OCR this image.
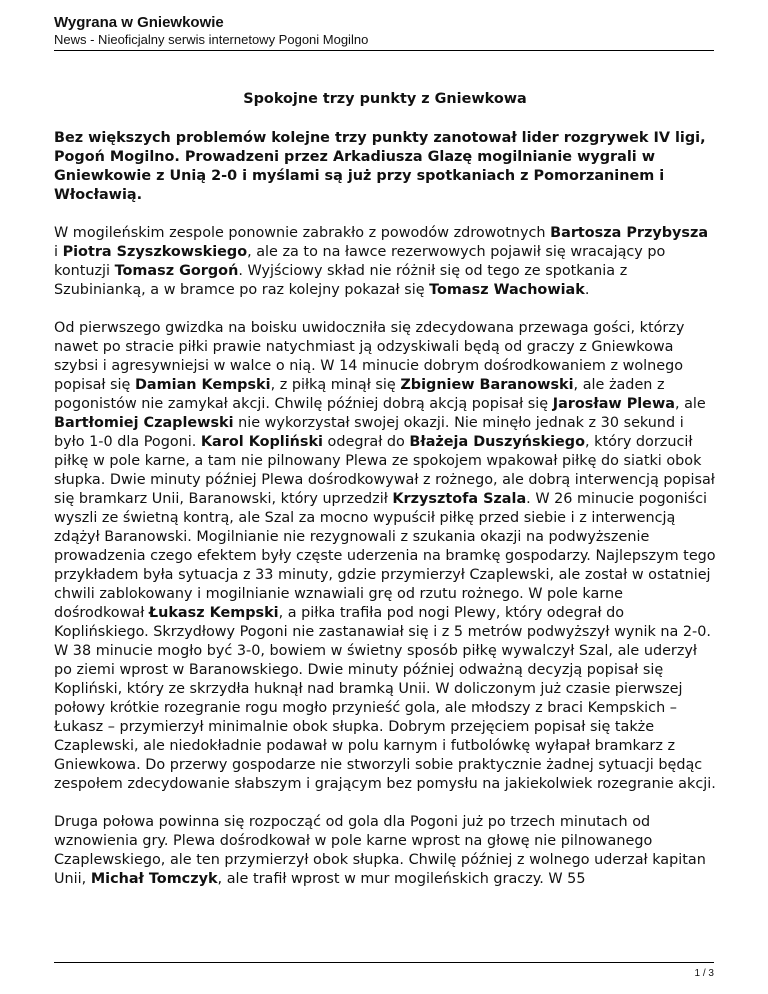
Wygrana w Gniewkowie
News - Nieoficjalny serwis internetowy Pogoni Mogilno
Spokojne trzy punkty z Gniewkowa

Bez większych problemów kolejne trzy punkty zanotował lider rozgrywek IV ligi, Pogoń Mogilno. Prowadzeni przez Arkadiusza Glazę mogilnianie wygrali w Gniewkowie z Unią 2-0 i myślami są już przy spotkaniach z Pomorzaninem i Włocławią.

W mogileńskim zespole ponownie zabrakło z powodów zdrowotnych Bartosza Przybysza i Piotra Szyszkowskiego, ale za to na ławce rezerwowych pojawił się wracający po kontuzji Tomasz Gorgoń. Wyjściowy skład nie różnił się od tego ze spotkania z Szubinianką, a w bramce po raz kolejny pokazał się Tomasz Wachowiak.

Od pierwszego gwizdka na boisku uwidoczniła się zdecydowana przewaga gości, którzy nawet po stracie piłki prawie natychmiast ją odzyskiwali będą od graczy z Gniewkowa szybsi i agresywniejsi w walce o nią. W 14 minucie dobrym dośrodkowaniem z wolnego popisał się Damian Kempski, z piłką minął się Zbigniew Baranowski, ale żaden z pogonistów nie zamykał akcji. Chwilę później dobrą akcją popisał się Jarosław Plewa, ale Bartłomiej Czaplewski nie wykorzystał swojej okazji. Nie minęło jednak z 30 sekund i było 1-0 dla Pogoni. Karol Kopliński odegrał do Błażeja Duszyńskiego, który dorzucił piłkę w pole karne, a tam nie pilnowany Plewa ze spokojem wpakował piłkę do siatki obok słupka. Dwie minuty później Plewa dośrodkowywał z rożnego, ale dobrą interwencją popisał się bramkarz Unii, Baranowski, który uprzedził Krzysztofa Szala. W 26 minucie pogoniści wyszli ze świetną kontrą, ale Szal za mocno wypuścił piłkę przed siebie i z interwencją zdążył Baranowski. Mogilnianie nie rezygnowali z szukania okazji na podwyższenie prowadzenia czego efektem były częste uderzenia na bramkę gospodarzy. Najlepszym tego przykładem była sytuacja z 33 minuty, gdzie przymierzył Czaplewski, ale został w ostatniej chwili zablokowany i mogilnianie wznawiali grę od rzutu rożnego. W pole karne dośrodkował Łukasz Kempski, a piłka trafiła pod nogi Plewy, który odegrał do Koplińskiego. Skrzydłowy Pogoni nie zastanawiał się i z 5 metrów podwyższył wynik na 2-0. W 38 minucie mogło być 3-0, bowiem w świetny sposób piłkę wywalczył Szal, ale uderzył po ziemi wprost w Baranowskiego. Dwie minuty później odważną decyzją popisał się Kopliński, który ze skrzydła huknął nad bramką Unii. W doliczonym już czasie pierwszej połowy krótkie rozegranie rogu mogło przynieść gola, ale młodszy z braci Kempskich – Łukasz – przymierzył minimalnie obok słupka. Dobrym przejęciem popisał się także Czaplewski, ale niedokładnie podawał w polu karnym i futbolówkę wyłapał bramkarz z Gniewkowa. Do przerwy gospodarze nie stworzyli sobie praktycznie żadnej sytuacji będąc zespołem zdecydowanie słabszym i grającym bez pomysłu na jakiekolwiek rozegranie akcji.

Druga połowa powinna się rozpocząć od gola dla Pogoni już po trzech minutach od wznowienia gry. Plewa dośrodkował w pole karne wprost na głowę nie pilnowanego Czaplewskiego, ale ten przymierzył obok słupka. Chwilę później z wolnego uderzał kapitan Unii, Michał Tomczyk, ale trafił wprost w mur mogileńskich graczy. W 55

1 / 3
